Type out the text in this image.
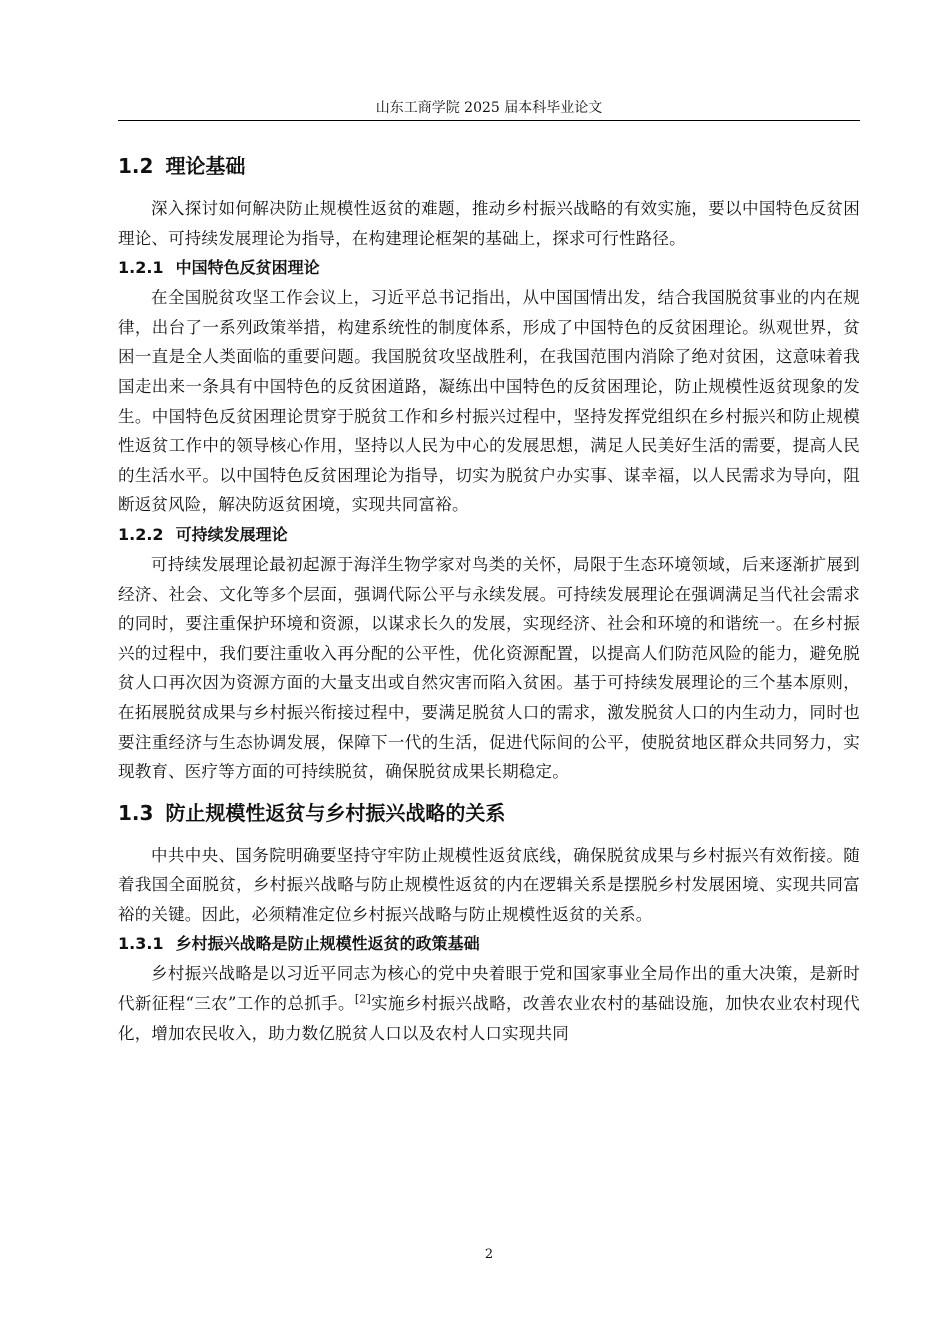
山东工商学院 2025 届本科毕业论文
1.2 理论基础

深入探讨如何解决防止规模性返贫的难题，推动乡村振兴战略的有效实施，要以中国特色反贫困理论、可持续发展理论为指导，在构建理论框架的基础上，探求可行性路径。

1.2.1 中国特色反贫困理论

在全国脱贫攻坚工作会议上，习近平总书记指出，从中国国情出发，结合我国脱贫事业的内在规律，出台了一系列政策举措，构建系统性的制度体系，形成了中国特色的反贫困理论。纵观世界，贫困一直是全人类面临的重要问题。我国脱贫攻坚战胜利，在我国范围内消除了绝对贫困，这意味着我国走出来一条具有中国特色的反贫困道路，凝练出中国特色的反贫困理论，防止规模性返贫现象的发生。中国特色反贫困理论贯穿于脱贫工作和乡村振兴过程中，坚持发挥党组织在乡村振兴和防止规模性返贫工作中的领导核心作用，坚持以人民为中心的发展思想，满足人民美好生活的需要，提高人民的生活水平。以中国特色反贫困理论为指导，切实为脱贫户办实事、谋幸福，以人民需求为导向，阻断返贫风险，解决防返贫困境，实现共同富裕。

1.2.2 可持续发展理论

可持续发展理论最初起源于海洋生物学家对鸟类的关怀，局限于生态环境领域，后来逐渐扩展到经济、社会、文化等多个层面，强调代际公平与永续发展。可持续发展理论在强调满足当代社会需求的同时，要注重保护环境和资源，以谋求长久的发展，实现经济、社会和环境的和谐统一。在乡村振兴的过程中，我们要注重收入再分配的公平性，优化资源配置，以提高人们防范风险的能力，避免脱贫人口再次因为资源方面的大量支出或自然灾害而陷入贫困。基于可持续发展理论的三个基本原则，在拓展脱贫成果与乡村振兴衔接过程中，要满足脱贫人口的需求，激发脱贫人口的内生动力，同时也要注重经济与生态协调发展，保障下一代的生活，促进代际间的公平，使脱贫地区群众共同努力，实现教育、医疗等方面的可持续脱贫，确保脱贫成果长期稳定。

1.3 防止规模性返贫与乡村振兴战略的关系

中共中央、国务院明确要坚持守牢防止规模性返贫底线，确保脱贫成果与乡村振兴有效衔接。随着我国全面脱贫，乡村振兴战略与防止规模性返贫的内在逻辑关系是摆脱乡村发展困境、实现共同富裕的关键。因此，必须精准定位乡村振兴战略与防止规模性返贫的关系。

1.3.1 乡村振兴战略是防止规模性返贫的政策基础

乡村振兴战略是以习近平同志为核心的党中央着眼于党和国家事业全局作出的重大决策，是新时代新征程“三农”工作的总抓手。[2]实施乡村振兴战略，改善农业农村的基础设施，加快农业农村现代化，增加农民收入，助力数亿脱贫人口以及农村人口实现共同

2
